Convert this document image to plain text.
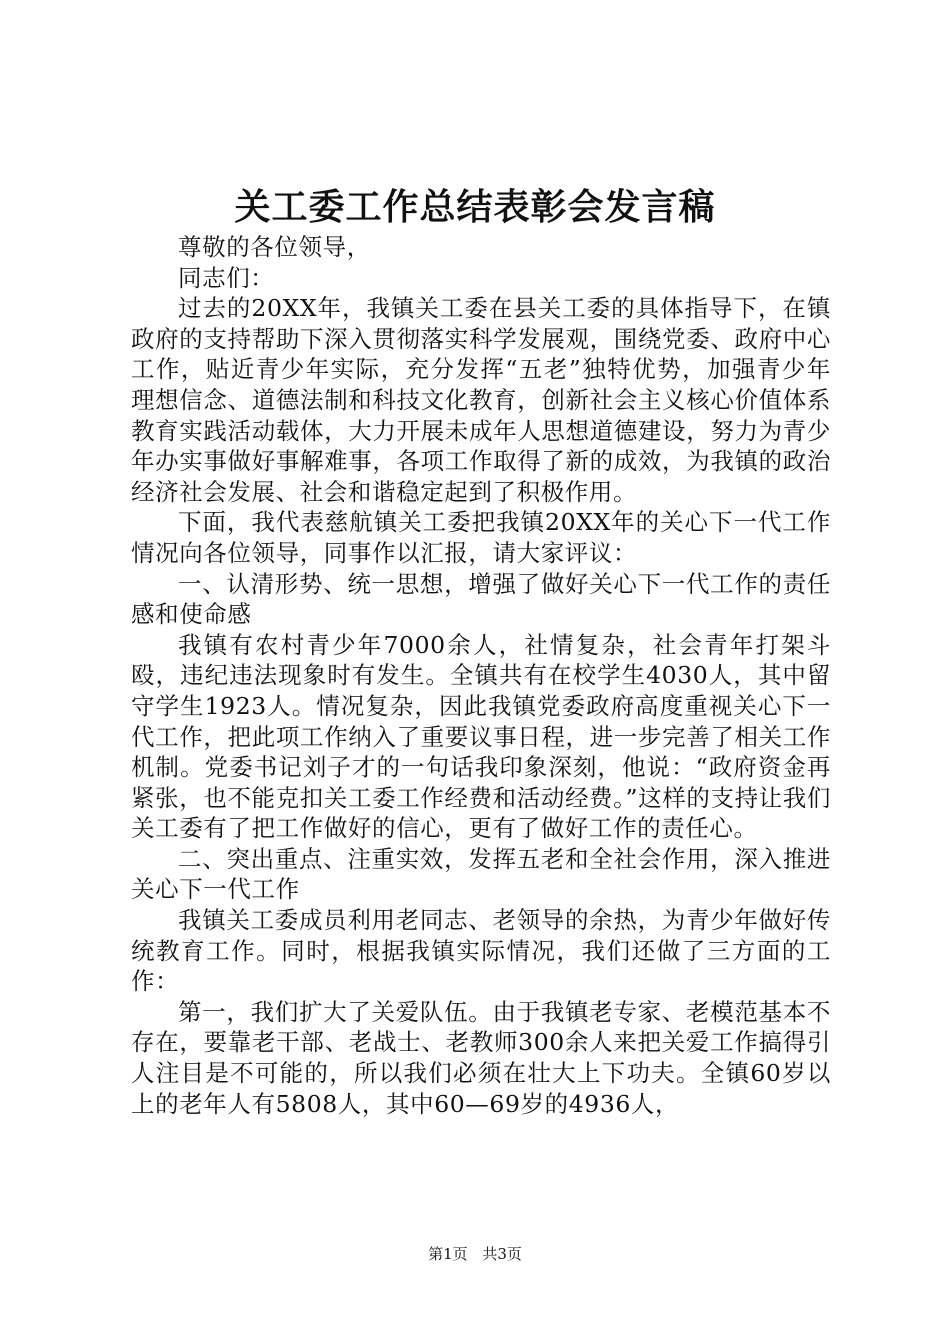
关工委工作总结表彰会发言稿

尊敬的各位领导，

同志们：

过去的20XX年，我镇关工委在县关工委的具体指导下，在镇政府的支持帮助下深入贯彻落实科学发展观，围绕党委、政府中心工作，贴近青少年实际，充分发挥“五老”独特优势，加强青少年理想信念、道德法制和科技文化教育，创新社会主义核心价值体系教育实践活动载体，大力开展未成年人思想道德建设，努力为青少年办实事做好事解难事，各项工作取得了新的成效，为我镇的政治经济社会发展、社会和谐稳定起到了积极作用。

下面，我代表慈航镇关工委把我镇20XX年的关心下一代工作情况向各位领导，同事作以汇报，请大家评议：

一、认清形势、统一思想，增强了做好关心下一代工作的责任感和使命感

我镇有农村青少年7000余人，社情复杂，社会青年打架斗殴，违纪违法现象时有发生。全镇共有在校学生4030人，其中留守学生1923人。情况复杂，因此我镇党委政府高度重视关心下一代工作，把此项工作纳入了重要议事日程，进一步完善了相关工作机制。党委书记刘子才的一句话我印象深刻，他说：“政府资金再紧张，也不能克扣关工委工作经费和活动经费。”这样的支持让我们关工委有了把工作做好的信心，更有了做好工作的责任心。

二、突出重点、注重实效，发挥五老和全社会作用，深入推进关心下一代工作

我镇关工委成员利用老同志、老领导的余热，为青少年做好传统教育工作。同时，根据我镇实际情况，我们还做了三方面的工作：

第一，我们扩大了关爱队伍。由于我镇老专家、老模范基本不存在，要靠老干部、老战士、老教师300余人来把关爱工作搞得引人注目是不可能的，所以我们必须在壮大上下功夫。全镇60岁以上的老年人有5808人，其中60—69岁的4936人，

第1页 共3页
